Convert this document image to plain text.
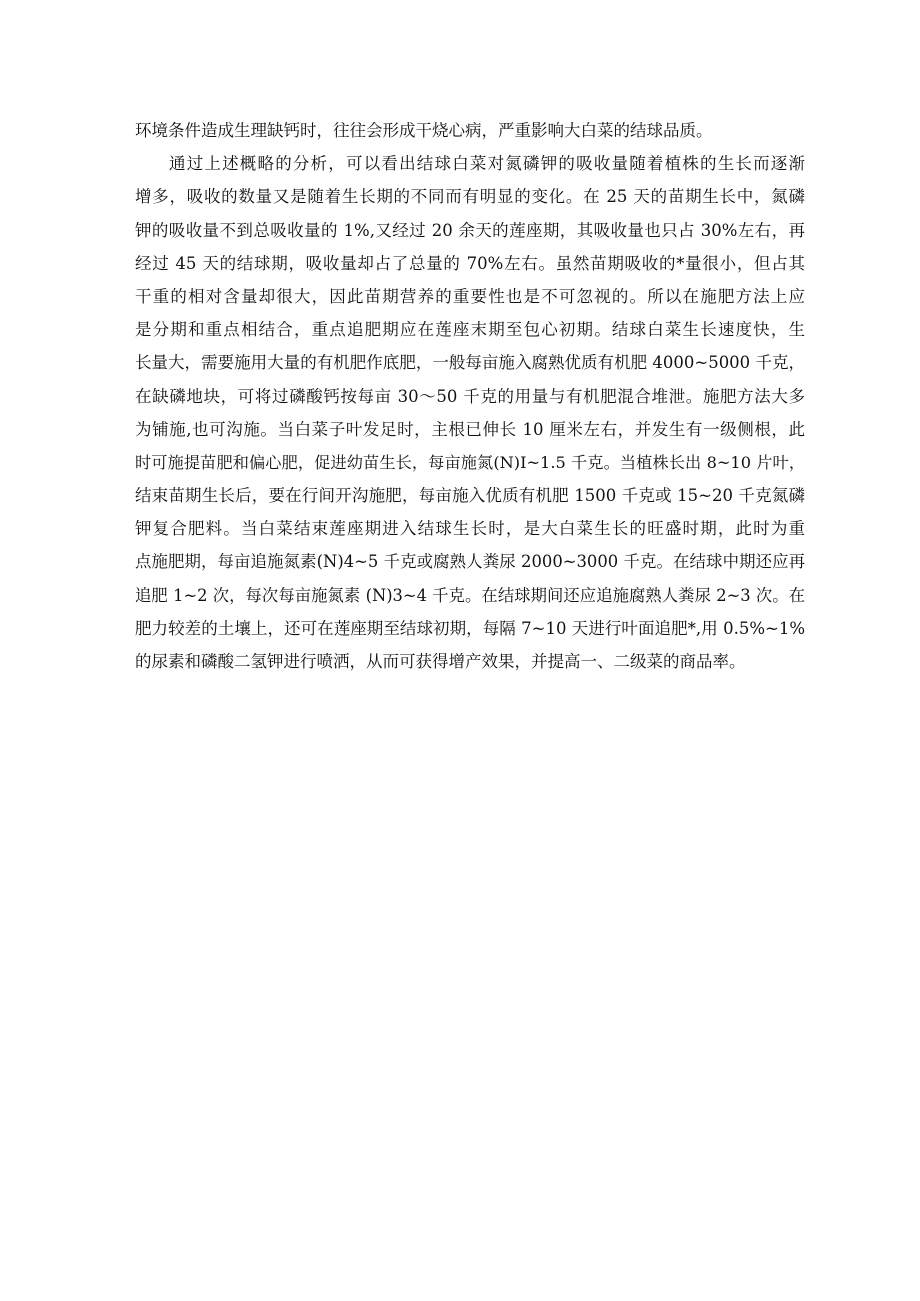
环境条件造成生理缺钙时，往往会形成干烧心病，严重影响大白菜的结球品质。
通过上述概略的分析，可以看出结球白菜对氮磷钾的吸收量随着植株的生长而逐渐
增多，吸收的数量又是随着生长期的不同而有明显的变化。在 25 天的苗期生长中，氮磷
钾的吸收量不到总吸收量的 1%,又经过 20 余天的莲座期，其吸收量也只占 30%左右，再
经过 45 天的结球期，吸收量却占了总量的 70%左右。虽然苗期吸收的*量很小，但占其
干重的相对含量却很大，因此苗期营养的重要性也是不可忽视的。所以在施肥方法上应
是分期和重点相结合，重点追肥期应在莲座末期至包心初期。结球白菜生长速度快，生
长量大，需要施用大量的有机肥作底肥，一般每亩施入腐熟优质有机肥 4000~5000 千克，
在缺磷地块，可将过磷酸钙按每亩 30～50 千克的用量与有机肥混合堆泄。施肥方法大多
为铺施,也可沟施。当白菜子叶发足时，主根已伸长 10 厘米左右，并发生有一级侧根，此
时可施提苗肥和偏心肥，促进幼苗生长，每亩施氮(N)I~1.5 千克。当植株长出 8~10 片叶，
结束苗期生长后，要在行间开沟施肥，每亩施入优质有机肥 1500 千克或 15~20 千克氮磷
钾复合肥料。当白菜结束莲座期进入结球生长时，是大白菜生长的旺盛时期，此时为重
点施肥期，每亩追施氮素(N)4~5 千克或腐熟人粪尿 2000~3000 千克。在结球中期还应再
追肥 1~2 次，每次每亩施氮素 (N)3~4 千克。在结球期间还应追施腐熟人粪尿 2~3 次。在
肥力较差的土壤上，还可在莲座期至结球初期，每隔 7~10 天进行叶面追肥*,用 0.5%~1%
的尿素和磷酸二氢钾进行喷洒，从而可获得增产效果，并提高一、二级菜的商品率。
